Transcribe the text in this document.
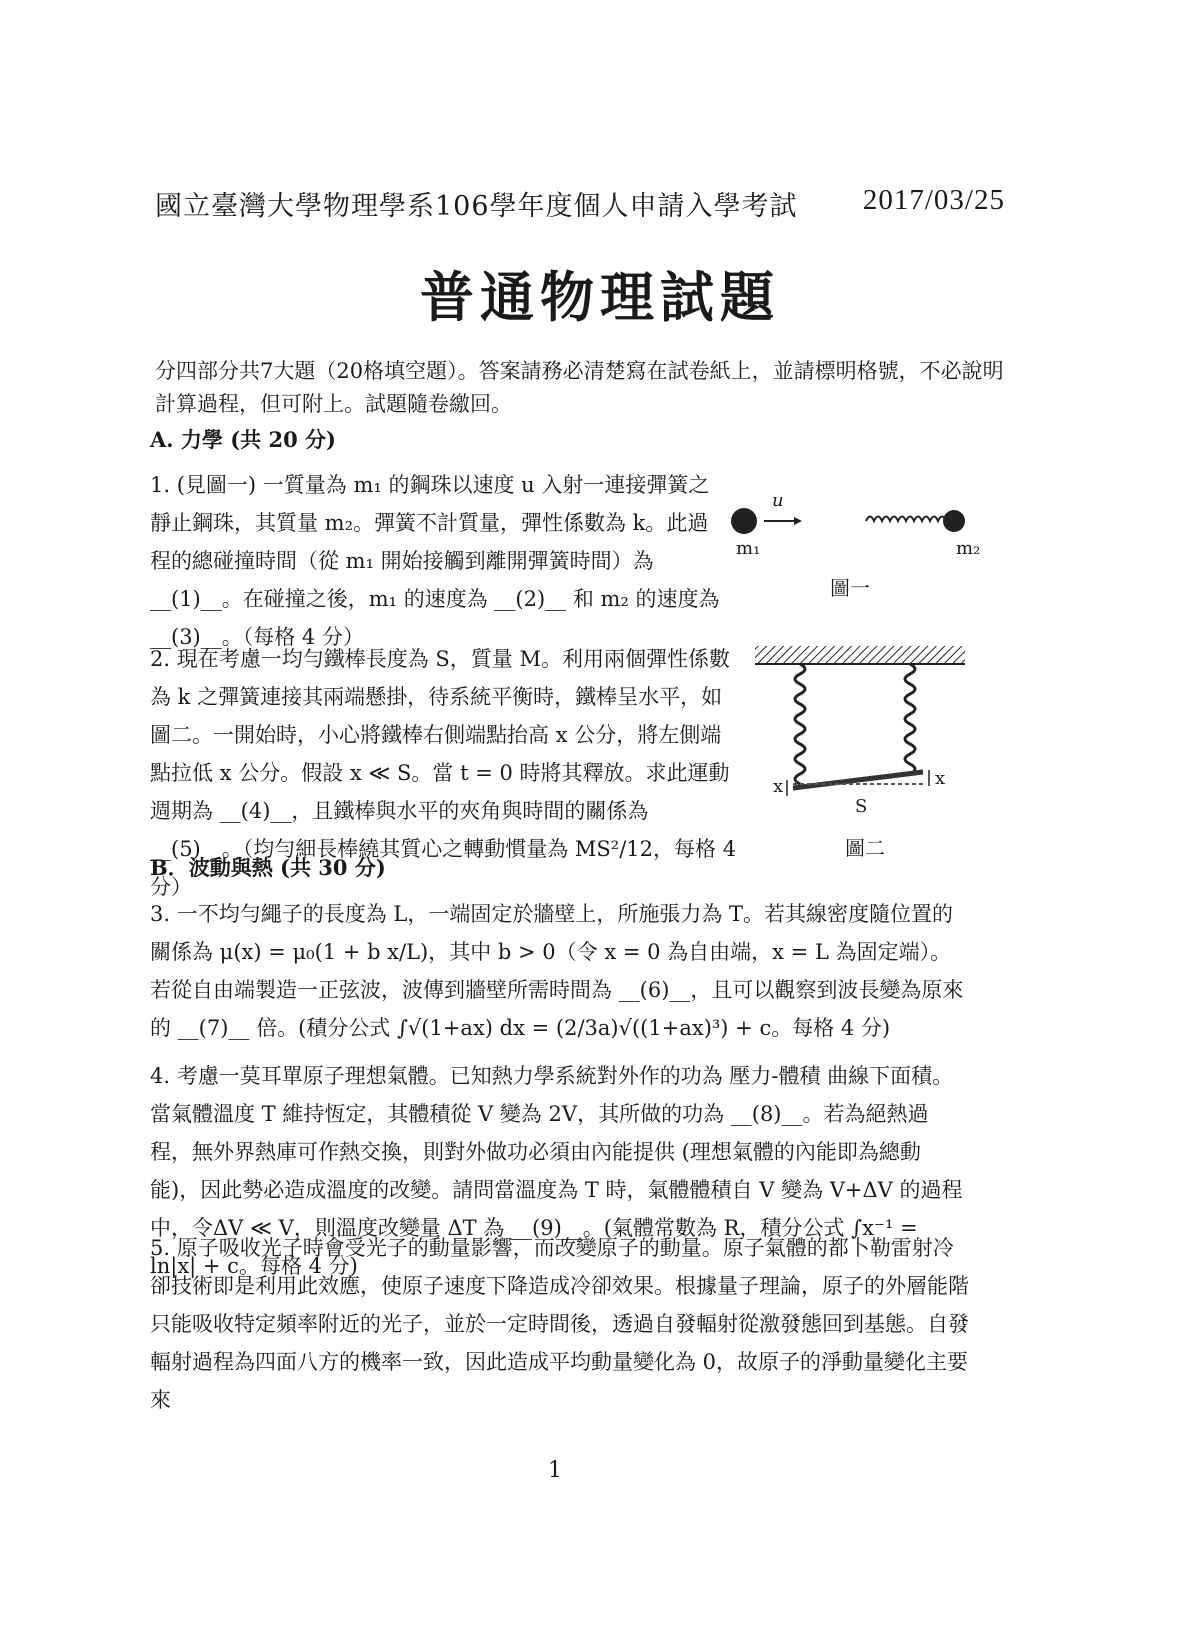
國立臺灣大學物理學系106學年度個人申請入學考試 2017/03/25
普通物理試題
分四部分共7大題（20格填空題）。答案請務必清楚寫在試卷紙上，並請標明格號，不必說明計算過程，但可附上。試題隨卷繳回。
A. 力學 (共 20 分)
1. (見圖一) 一質量為 m₁ 的鋼珠以速度 u 入射一連接彈簧之靜止鋼珠，其質量 m₂。彈簧不計質量，彈性係數為 k。此過程的總碰撞時間（從 m₁ 開始接觸到離開彈簧時間）為 __(1)__。在碰撞之後，m₁ 的速度為 __(2)__ 和 m₂ 的速度為 __(3)__。（每格 4 分）
u
m₁	m₂
圖一
2. 現在考慮一均勻鐵棒長度為 S，質量 M。利用兩個彈性係數為 k 之彈簧連接其兩端懸掛，待系統平衡時，鐵棒呈水平，如圖二。一開始時，小心將鐵棒右側端點抬高 x 公分，將左側端點拉低 x 公分。假設 x ≪ S。當 t = 0 時將其釋放。求此運動週期為 __(4)__，且鐵棒與水平的夾角與時間的關係為 __(5)__。（均勻細長棒繞其質心之轉動慣量為 MS²/12，每格 4 分）
x	x
S
圖二
B．波動與熱 (共 30 分)
3. 一不均勻繩子的長度為 L，一端固定於牆壁上，所施張力為 T。若其線密度隨位置的關係為 μ(x) = μ₀(1 + b x/L)，其中 b > 0（令 x = 0 為自由端，x = L 為固定端）。若從自由端製造一正弦波，波傳到牆壁所需時間為 __(6)__，且可以觀察到波長變為原來的 __(7)__ 倍。(積分公式 ∫√(1+ax) dx = (2/3a)√((1+ax)³) + c。每格 4 分)
4. 考慮一莫耳單原子理想氣體。已知熱力學系統對外作的功為 壓力-體積 曲線下面積。當氣體溫度 T 維持恆定，其體積從 V 變為 2V，其所做的功為 __(8)__。若為絕熱過程，無外界熱庫可作熱交換，則對外做功必須由內能提供 (理想氣體的內能即為總動能)，因此勢必造成溫度的改變。請問當溫度為 T 時，氣體體積自 V 變為 V+ΔV 的過程中，令ΔV ≪ V，則溫度改變量 ΔT 為 __(9)__。(氣體常數為 R，積分公式 ∫x⁻¹ = ln|x| + c。每格 4 分)
5. 原子吸收光子時會受光子的動量影響，而改變原子的動量。原子氣體的都卜勒雷射冷卻技術即是利用此效應，使原子速度下降造成冷卻效果。根據量子理論，原子的外層能階只能吸收特定頻率附近的光子，並於一定時間後，透過自發輻射從激發態回到基態。自發輻射過程為四面八方的機率一致，因此造成平均動量變化為 0，故原子的淨動量變化主要來
1
